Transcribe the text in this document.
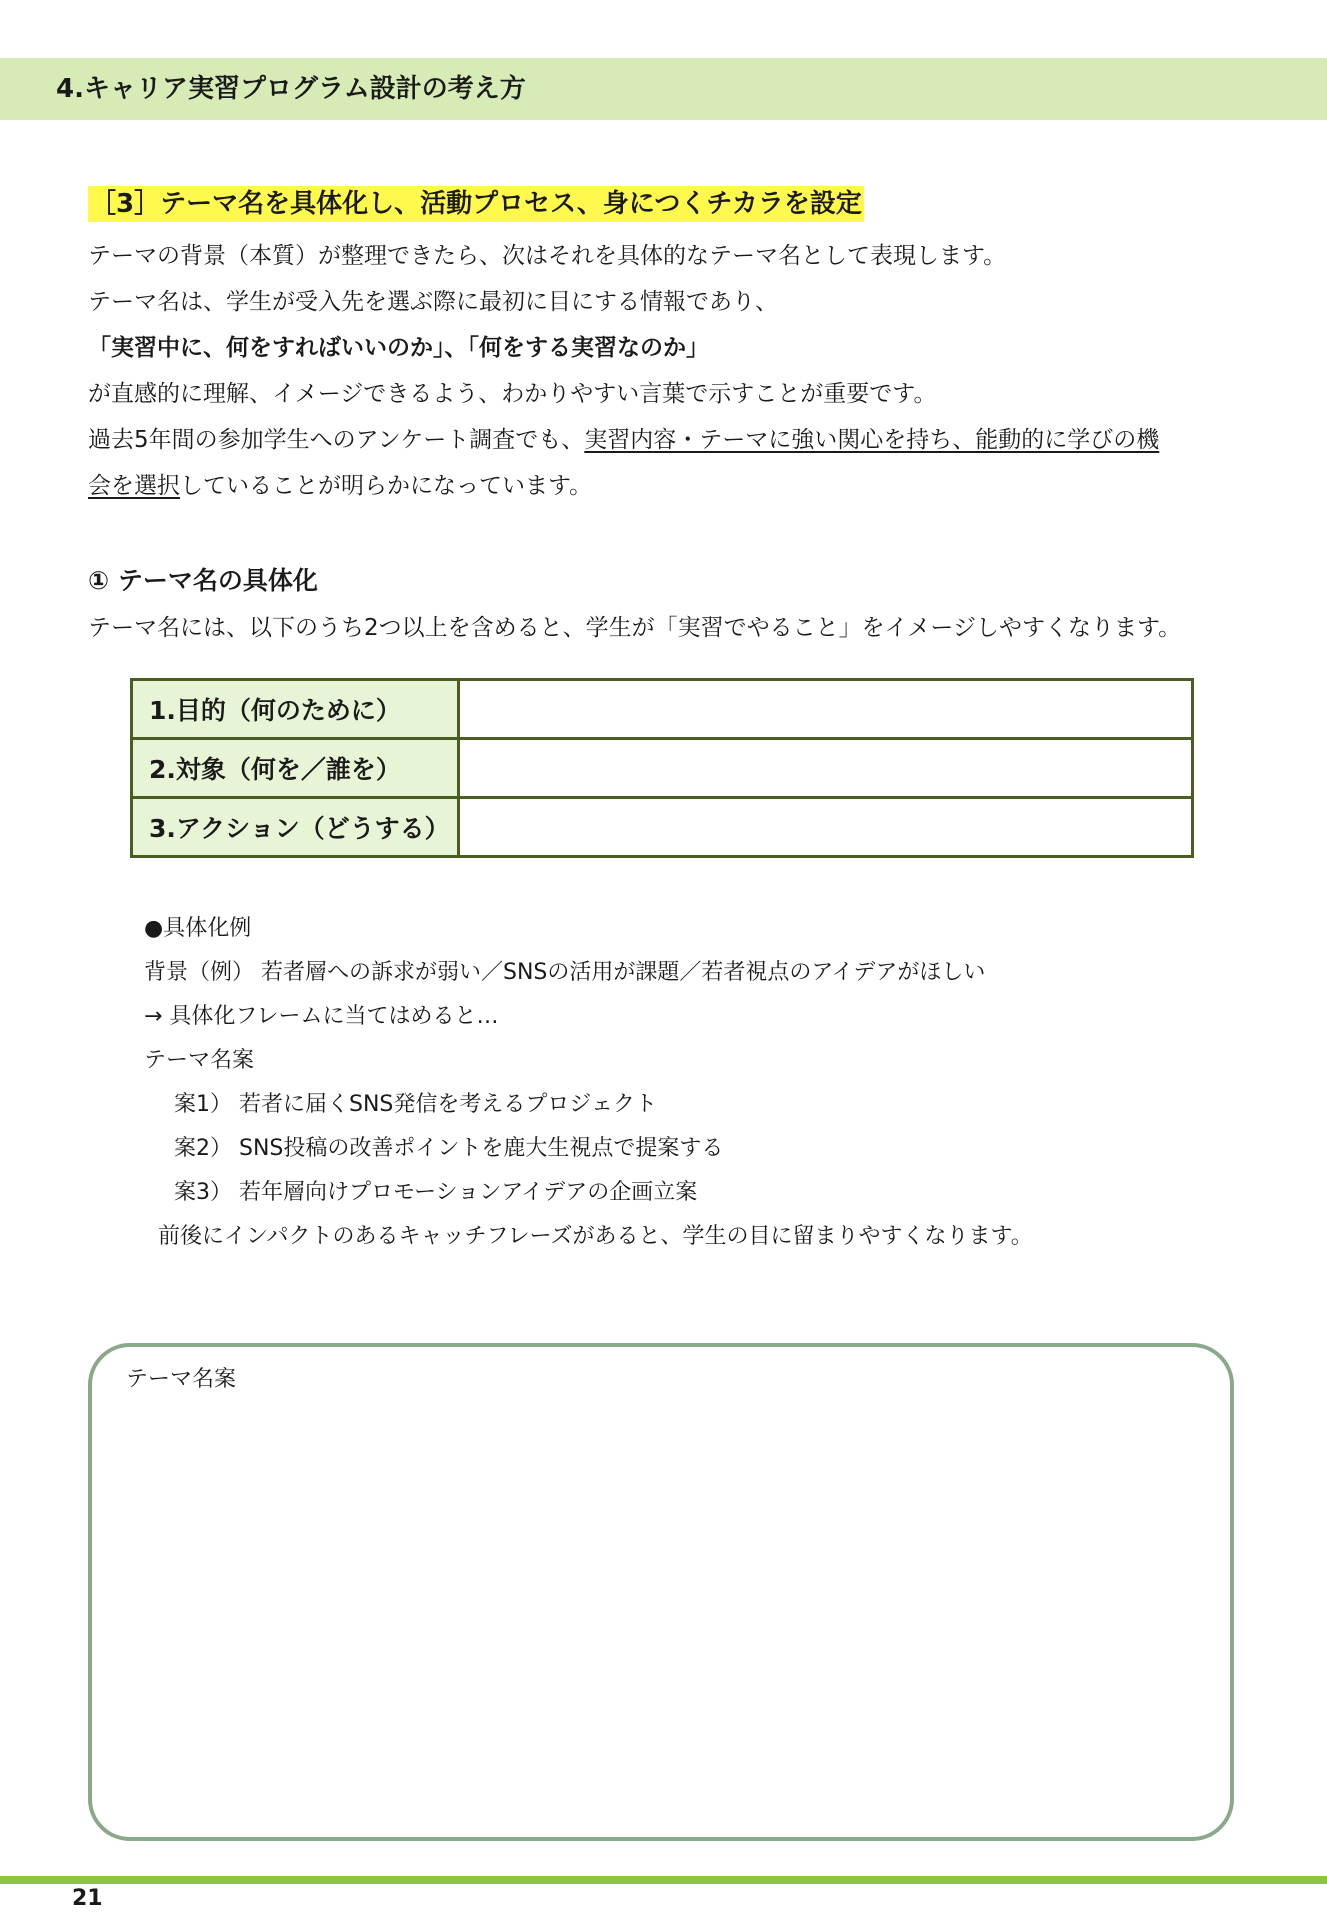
4.キャリア実習プログラム設計の考え方
［3］テーマ名を具体化し、活動プロセス、身につくチカラを設定
テーマの背景（本質）が整理できたら、次はそれを具体的なテーマ名として表現します。
テーマ名は、学生が受入先を選ぶ際に最初に目にする情報であり、
「実習中に、何をすればいいのか」、「何をする実習なのか」
が直感的に理解、イメージできるよう、わかりやすい言葉で示すことが重要です。
過去5年間の参加学生へのアンケート調査でも、実習内容・テーマに強い関心を持ち、能動的に学びの機
会を選択していることが明らかになっています。
① テーマ名の具体化
テーマ名には、以下のうち2つ以上を含めると、学生が「実習でやること」をイメージしやすくなります。
1.目的（何のために）	
2.対象（何を／誰を）	
3.アクション（どうする）	
●具体化例
背景（例） 若者層への訴求が弱い／SNSの活用が課題／若者視点のアイデアがほしい
→ 具体化フレームに当てはめると…
テーマ名案
案1） 若者に届くSNS発信を考えるプロジェクト
案2） SNS投稿の改善ポイントを鹿大生視点で提案する
案3） 若年層向けプロモーションアイデアの企画立案
前後にインパクトのあるキャッチフレーズがあると、学生の目に留まりやすくなります。
テーマ名案
21
